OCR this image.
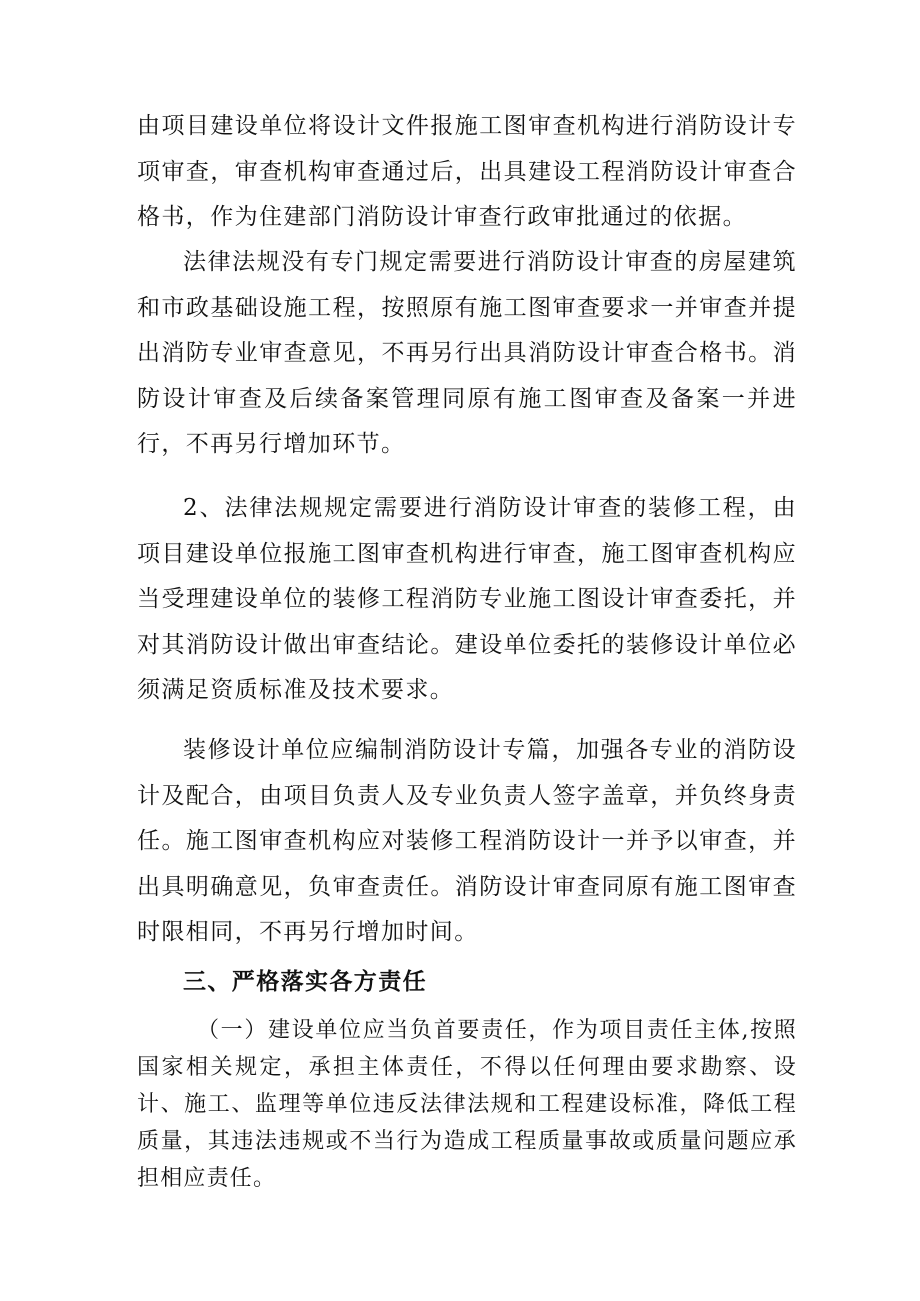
由项目建设单位将设计文件报施工图审查机构进行消防设计专项审查，审查机构审查通过后，出具建设工程消防设计审查合格书，作为住建部门消防设计审查行政审批通过的依据。

法律法规没有专门规定需要进行消防设计审查的房屋建筑和市政基础设施工程，按照原有施工图审查要求一并审查并提出消防专业审查意见，不再另行出具消防设计审查合格书。消防设计审查及后续备案管理同原有施工图审查及备案一并进行，不再另行增加环节。

2、法律法规规定需要进行消防设计审查的装修工程，由项目建设单位报施工图审查机构进行审查，施工图审查机构应当受理建设单位的装修工程消防专业施工图设计审查委托，并对其消防设计做出审查结论。建设单位委托的装修设计单位必须满足资质标准及技术要求。

装修设计单位应编制消防设计专篇，加强各专业的消防设计及配合，由项目负责人及专业负责人签字盖章，并负终身责任。施工图审查机构应对装修工程消防设计一并予以审查，并出具明确意见，负审查责任。消防设计审查同原有施工图审查时限相同，不再另行增加时间。

三、严格落实各方责任

（一）建设单位应当负首要责任，作为项目责任主体,按照国家相关规定，承担主体责任，不得以任何理由要求勘察、设计、施工、监理等单位违反法律法规和工程建设标准，降低工程质量，其违法违规或不当行为造成工程质量事故或质量问题应承担相应责任。
